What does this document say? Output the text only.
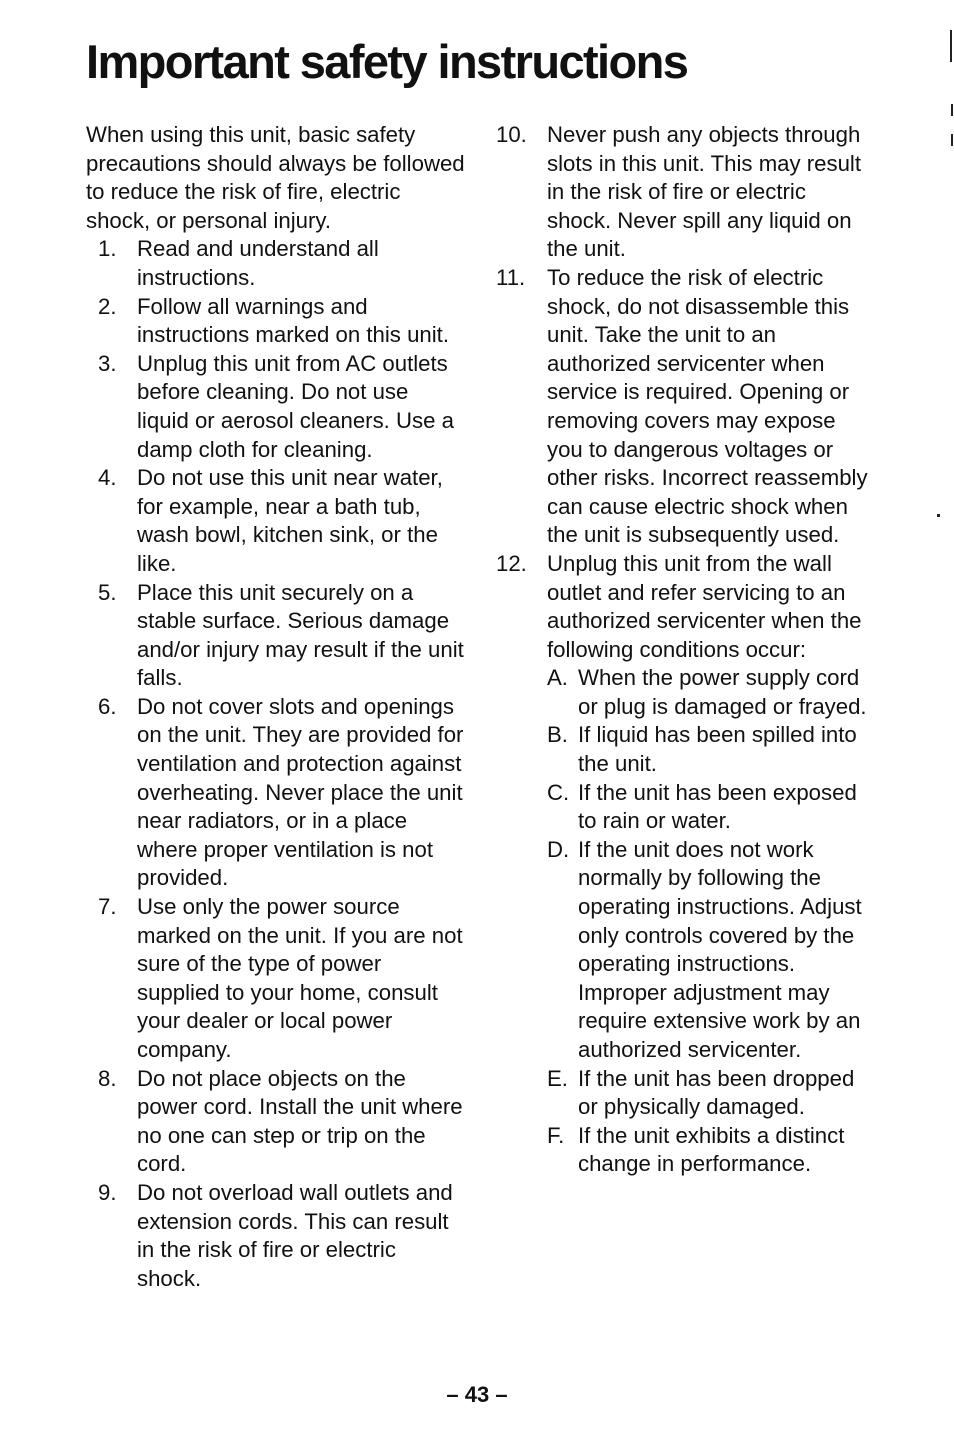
Important safety instructions

When using this unit, basic safety precautions should always be followed to reduce the risk of fire, electric shock, or personal injury.

1. Read and understand all instructions.
2. Follow all warnings and instructions marked on this unit.
3. Unplug this unit from AC outlets before cleaning. Do not use liquid or aerosol cleaners. Use a damp cloth for cleaning.
4. Do not use this unit near water, for example, near a bath tub, wash bowl, kitchen sink, or the like.
5. Place this unit securely on a stable surface. Serious damage and/or injury may result if the unit falls.
6. Do not cover slots and openings on the unit. They are provided for ventilation and protection against overheating. Never place the unit near radiators, or in a place where proper ventilation is not provided.
7. Use only the power source marked on the unit. If you are not sure of the type of power supplied to your home, consult your dealer or local power company.
8. Do not place objects on the power cord. Install the unit where no one can step or trip on the cord.
9. Do not overload wall outlets and extension cords. This can result in the risk of fire or electric shock.
10. Never push any objects through slots in this unit. This may result in the risk of fire or electric shock. Never spill any liquid on the unit.
11. To reduce the risk of electric shock, do not disassemble this unit. Take the unit to an authorized servicenter when service is required. Opening or removing covers may expose you to dangerous voltages or other risks. Incorrect reassembly can cause electric shock when the unit is subsequently used.
12. Unplug this unit from the wall outlet and refer servicing to an authorized servicenter when the following conditions occur:
A. When the power supply cord or plug is damaged or frayed.
B. If liquid has been spilled into the unit.
C. If the unit has been exposed to rain or water.
D. If the unit does not work normally by following the operating instructions. Adjust only controls covered by the operating instructions. Improper adjustment may require extensive work by an authorized servicenter.
E. If the unit has been dropped or physically damaged.
F. If the unit exhibits a distinct change in performance.
– 43 –
